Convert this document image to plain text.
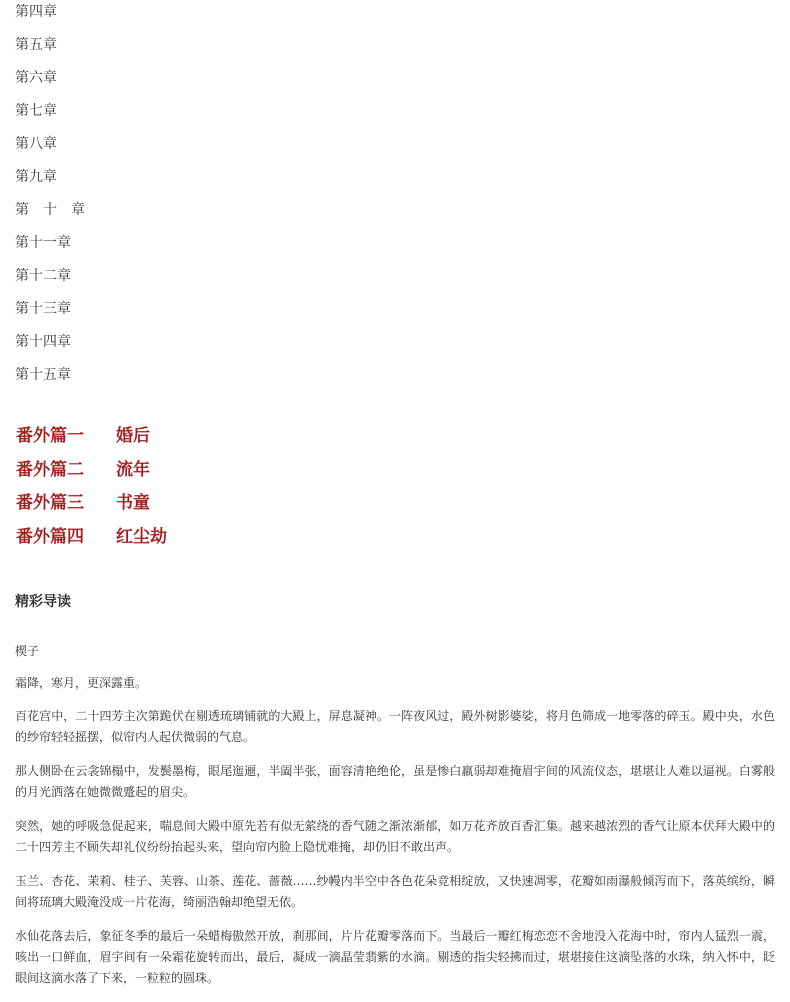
第四章
第五章
第六章
第七章
第八章
第九章
第　十　章
第十一章
第十二章
第十三章
第十四章
第十五章
番外篇一 婚后
番外篇二 流年
番外篇三 书童
番外篇四 红尘劫
精彩导读

楔子

霜降，寒月，更深露重。

百花宫中，二十四芳主次第跪伏在剔透琉璃铺就的大殿上，屏息凝神。一阵夜风过，殿外树影婆娑，将月色筛成一地零落的碎玉。殿中央，水色的纱帘轻轻摇摆，似帘内人起伏微弱的气息。

那人侧卧在云衾锦榻中，发鬓墨梅，眼尾迤逦，半阖半张，面容清艳绝伦，虽是惨白羸弱却难掩眉宇间的风流仪态，堪堪让人难以逼视。白雾般的月光洒落在她微微蹙起的眉尖。

突然，她的呼吸急促起来，喘息间大殿中原先若有似无萦绕的香气随之渐浓渐郁，如万花齐放百香汇集。越来越浓烈的香气让原本伏拜大殿中的二十四芳主不顾失却礼仪纷纷抬起头来，望向帘内脸上隐忧难掩，却仍旧不敢出声。

玉兰、杏花、茉莉、桂子、芙蓉、山茶、莲花、蔷薇……纱幔内半空中各色花朵竞相绽放，又快速凋零，花瓣如雨瀑般倾泻而下，落英缤纷，瞬间将琉璃大殿淹没成一片花海，绮丽浩翰却绝望无依。

水仙花落去后，象征冬季的最后一朵蜡梅傲然开放，刹那间，片片花瓣零落而下。当最后一瓣红梅恋恋不舍地没入花海中时，帘内人猛烈一震，咳出一口鲜血，眉宇间有一朵霜花旋转而出，最后，凝成一滴晶莹翡紫的水滴。剔透的指尖轻拂而过，堪堪接住这滴坠落的水珠，纳入怀中，眨眼间这滴水落了下来，一粒粒的圆珠。
